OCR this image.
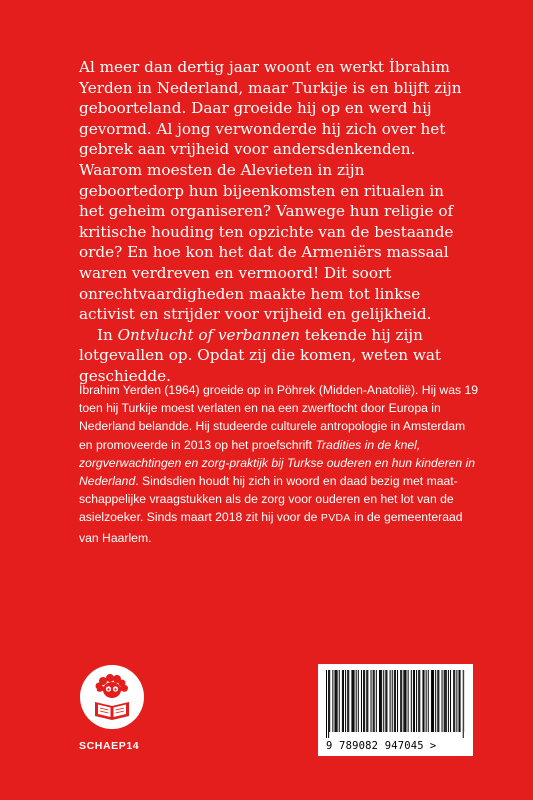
Al meer dan dertig jaar woont en werkt İbrahim Yerden in Nederland, maar Turkije is en blijft zijn geboorteland. Daar groeide hij op en werd hij gevormd. Al jong verwonderde hij zich over het gebrek aan vrijheid voor andersdenkenden. Waarom moesten de Alevieten in zijn geboortedorp hun bijeenkomsten en ritualen in het geheim organiseren? Vanwege hun religie of kritische houding ten opzichte van de bestaande orde? En hoe kon het dat de Armeniërs massaal waren verdreven en vermoord! Dit soort onrechtvaardigheden maakte hem tot linkse activist en strijder voor vrijheid en gelijkheid.

In Ontvlucht of verbannen tekende hij zijn lotgevallen op. Opdat zij die komen, weten wat geschiedde.

İbrahim Yerden (1964) groeide op in Pöhrek (Midden-Anatolië). Hij was 19 toen hij Turkije moest verlaten en na een zwerftocht door Europa in Nederland belandde. Hij studeerde culturele antropologie in Amsterdam en promoveerde in 2013 op het proefschrift Tradities in de knel, zorgverwachtingen en zorg-praktijk bij Turkse ouderen en hun kinderen in Nederland. Sindsdien houdt hij zich in woord en daad bezig met maat-schappelijke vraagstukken als de zorg voor ouderen en het lot van de asielzoeker. Sinds maart 2018 zit hij voor de PVDA in de gemeenteraad van Haarlem.

SCHAEP14	9 789082 947045 >
